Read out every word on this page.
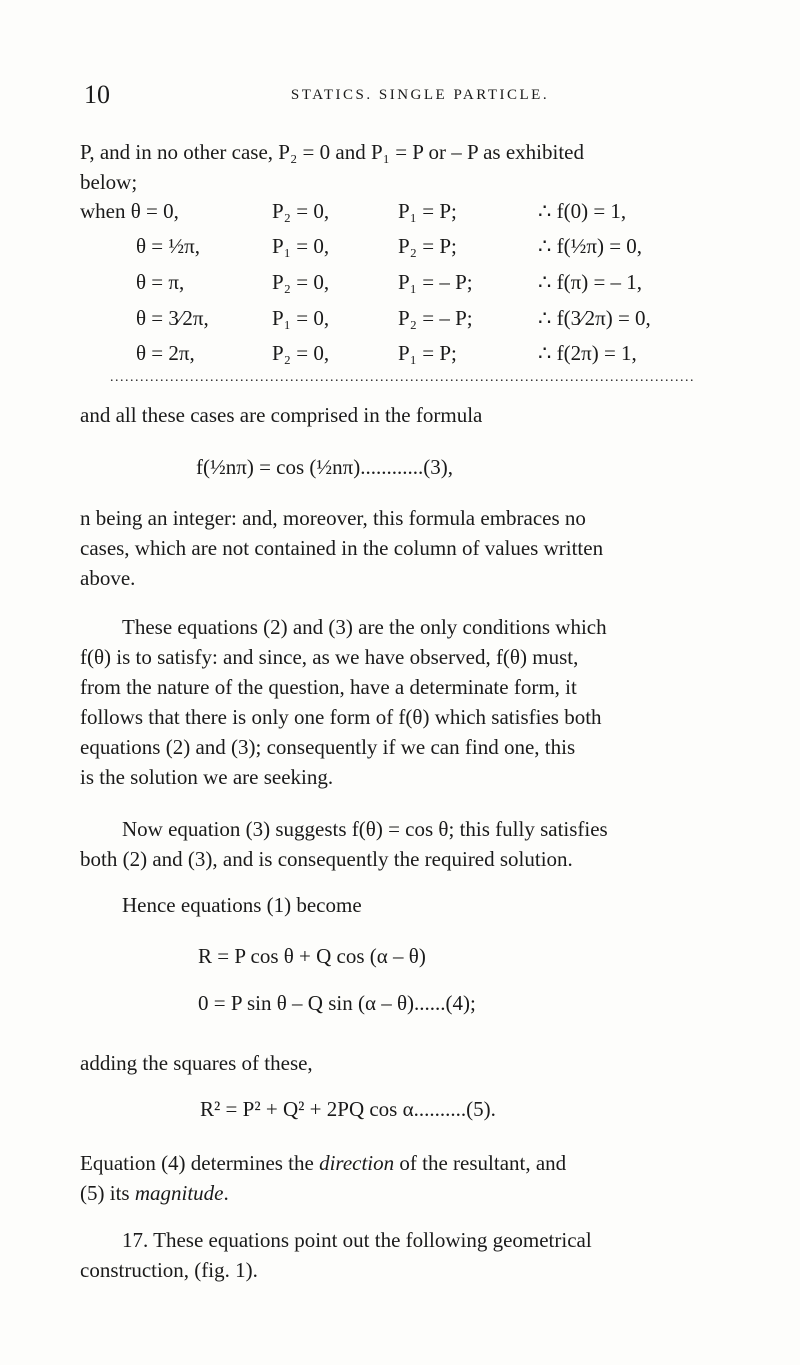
10	STATICS. SINGLE PARTICLE.

P, and in no other case, P₂ = 0 and P₁ = P or – P as exhibited

below;

when θ = 0,	P₂ = 0,	P₁ = P;	∴ f(0) = 1,
θ = ½π,	P₁ = 0,	P₂ = P;	∴ f(½π) = 0,
θ = π,	P₂ = 0,	P₁ = – P;	∴ f(π) = – 1,
θ = 3⁄2π,	P₁ = 0,	P₂ = – P;	∴ f(3⁄2π) = 0,
θ = 2π,	P₂ = 0,	P₁ = P;	∴ f(2π) = 1,
.....................................................................................................................
and all these cases are comprised in the formula
f(½nπ) = cos (½nπ)............(3),

n being an integer: and, moreover, this formula embraces no

cases, which are not contained in the column of values written

above.

These equations (2) and (3) are the only conditions which

f(θ) is to satisfy: and since, as we have observed, f(θ) must,

from the nature of the question, have a determinate form, it

follows that there is only one form of f(θ) which satisfies both

equations (2) and (3); consequently if we can find one, this

is the solution we are seeking.

Now equation (3) suggests f(θ) = cos θ; this fully satisfies

both (2) and (3), and is consequently the required solution.

Hence equations (1) become
R = P cos θ + Q cos (α – θ)
0 = P sin θ – Q sin (α – θ)......(4);
adding the squares of these,
R² = P² + Q² + 2PQ cos α..........(5).

Equation (4) determines the direction of the resultant, and

(5) its magnitude.

17. These equations point out the following geometrical

construction, (fig. 1).
